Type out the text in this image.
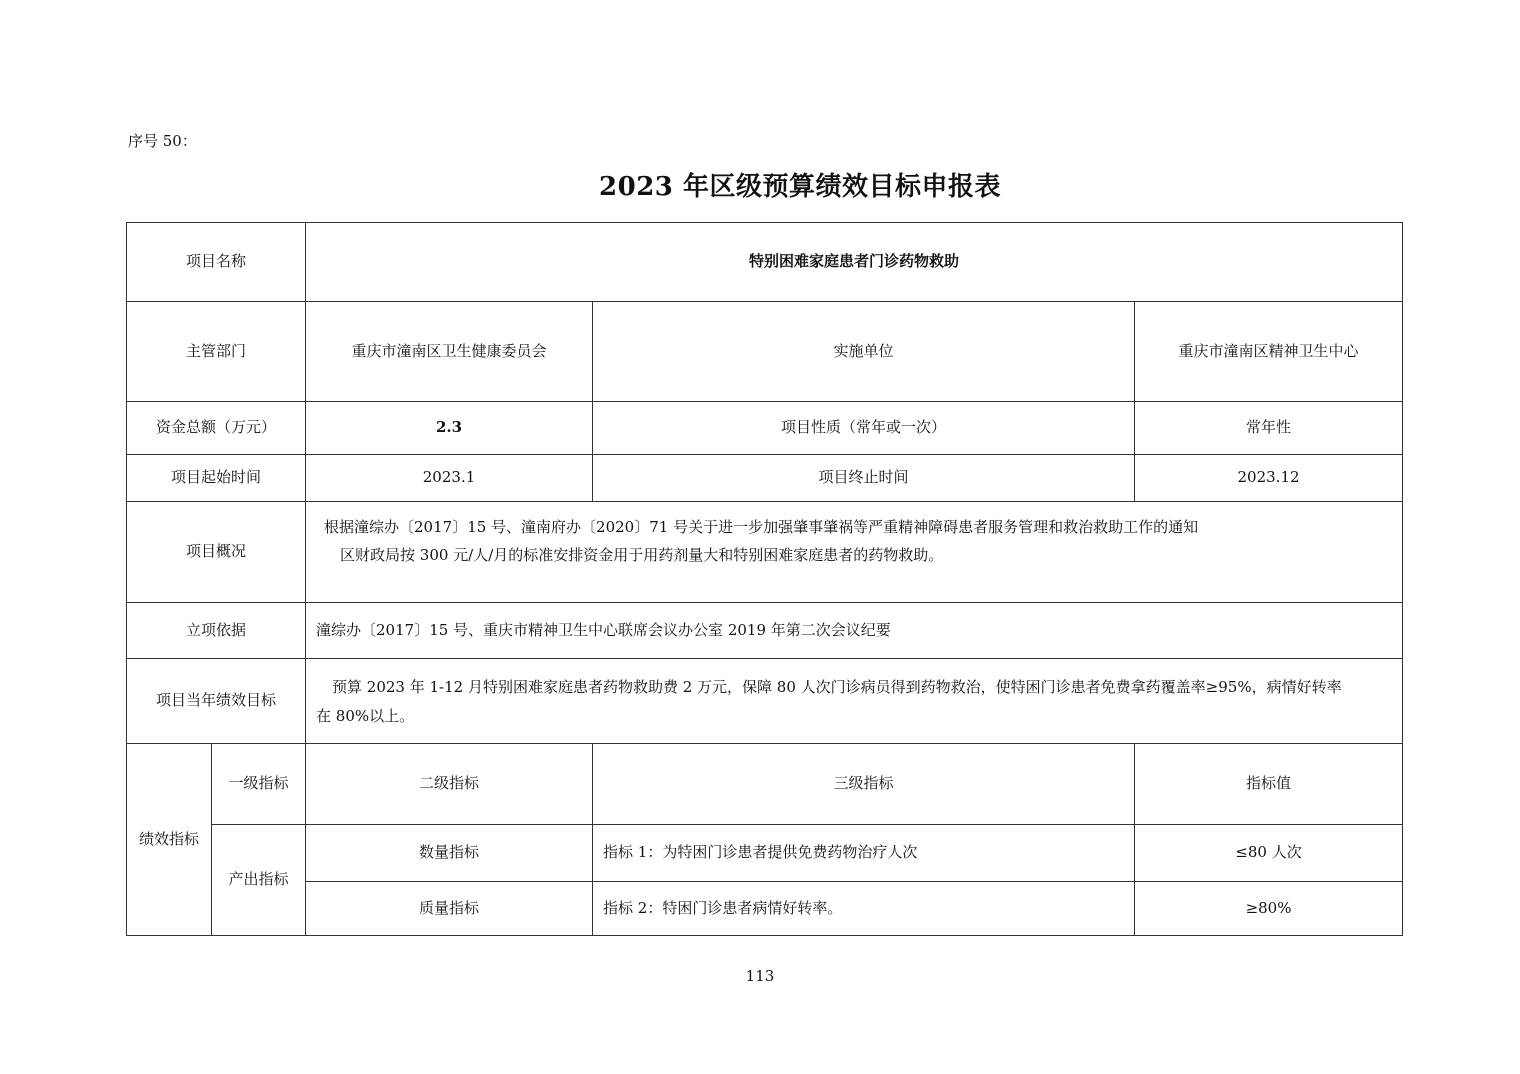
序号 50：
2023 年区级预算绩效目标申报表
项目名称		特别困难家庭患者门诊药物救助		
主管部门		重庆市潼南区卫生健康委员会	实施单位	重庆市潼南区精神卫生中心
资金总额（万元）		2.3	项目性质（常年或一次）	常年性
项目起始时间		2023.1	项目终止时间	2023.12
项目概况		根据潼综办〔2017〕15 号、潼南府办〔2020〕71 号关于进一步加强肇事肇祸等严重精神障碍患者服务管理和救治救助工作的通知
区财政局按 300 元/人/月的标准安排资金用于用药剂量大和特别困难家庭患者的药物救助。		

立项依据		潼综办〔2017〕15 号、重庆市精神卫生中心联席会议办公室 2019 年第二次会议纪要		
项目当年绩效目标		预算 2023 年 1-12 月特别困难家庭患者药物救助费 2 万元，保障 80 人次门诊病员得到药物救治，使特困门诊患者免费拿药覆盖率≥95%，病情好转率
在 80%以上。		

绩效指标	一级指标	二级指标	三级指标	指标值
	产出指标	数量指标	指标 1：为特困门诊患者提供免费药物治疗人次	≤80 人次
		质量指标	指标 2：特困门诊患者病情好转率。	≥80%
113
